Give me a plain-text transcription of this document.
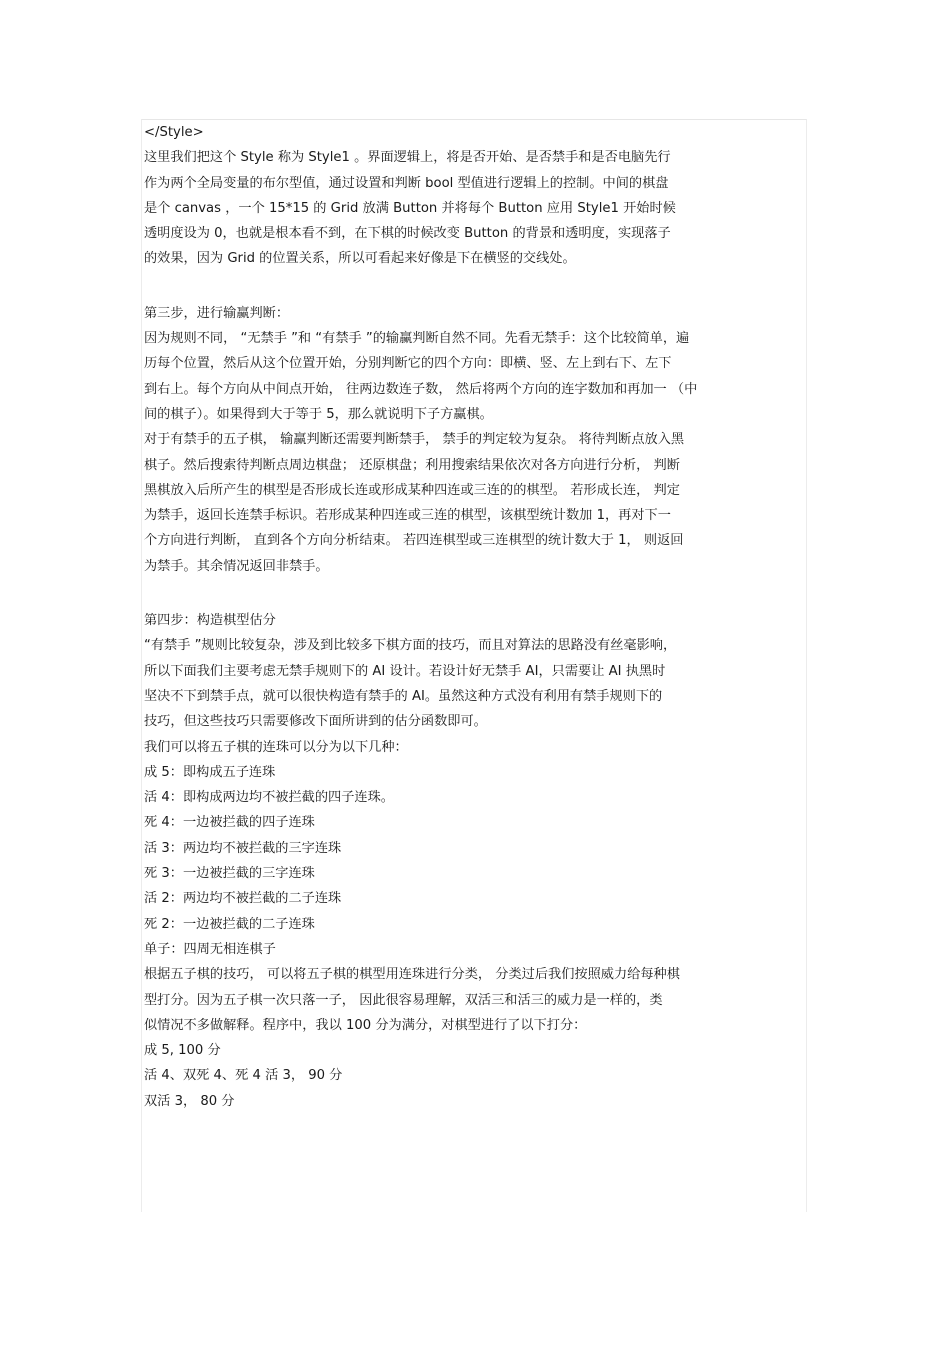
</Style>
这里我们把这个 Style 称为 Style1 。界面逻辑上，将是否开始、是否禁手和是否电脑先行
作为两个全局变量的布尔型值，通过设置和判断 bool 型值进行逻辑上的控制。中间的棋盘
是个 canvas ，一个 15*15 的 Grid 放满 Button 并将每个 Button 应用 Style1 开始时候
透明度设为 0，也就是根本看不到，在下棋的时候改变 Button 的背景和透明度，实现落子
的效果，因为 Grid 的位置关系，所以可看起来好像是下在横竖的交线处。
第三步，进行输赢判断：
因为规则不同， “无禁手 ”和 “有禁手 ”的输赢判断自然不同。先看无禁手：这个比较简单，遍
历每个位置，然后从这个位置开始，分别判断它的四个方向：即横、竖、左上到右下、左下
到右上。每个方向从中间点开始， 往两边数连子数， 然后将两个方向的连字数加和再加一 （中
间的棋子）。如果得到大于等于 5，那么就说明下子方赢棋。
对于有禁手的五子棋， 输赢判断还需要判断禁手， 禁手的判定较为复杂。 将待判断点放入黑
棋子。然后搜索待判断点周边棋盘； 还原棋盘；利用搜索结果依次对各方向进行分析， 判断
黑棋放入后所产生的棋型是否形成长连或形成某种四连或三连的的棋型。 若形成长连， 判定
为禁手，返回长连禁手标识。若形成某种四连或三连的棋型，该棋型统计数加 1，再对下一
个方向进行判断， 直到各个方向分析结束。 若四连棋型或三连棋型的统计数大于 1， 则返回
为禁手。其余情况返回非禁手。
第四步：构造棋型估分
“有禁手 ”规则比较复杂，涉及到比较多下棋方面的技巧，而且对算法的思路没有丝毫影响，
所以下面我们主要考虑无禁手规则下的 AI 设计。若设计好无禁手 AI，只需要让 AI 执黑时
坚决不下到禁手点，就可以很快构造有禁手的 AI。虽然这种方式没有利用有禁手规则下的
技巧，但这些技巧只需要修改下面所讲到的估分函数即可。
我们可以将五子棋的连珠可以分为以下几种：
成 5：即构成五子连珠
活 4：即构成两边均不被拦截的四子连珠。
死 4：一边被拦截的四子连珠
活 3：两边均不被拦截的三字连珠
死 3：一边被拦截的三字连珠
活 2：两边均不被拦截的二子连珠
死 2：一边被拦截的二子连珠
单子：四周无相连棋子
根据五子棋的技巧， 可以将五子棋的棋型用连珠进行分类， 分类过后我们按照威力给每种棋
型打分。因为五子棋一次只落一子， 因此很容易理解，双活三和活三的威力是一样的，类
似情况不多做解释。程序中，我以 100 分为满分，对棋型进行了以下打分：
成 5, 100 分
活 4、双死 4、死 4 活 3， 90 分
双活 3， 80 分
